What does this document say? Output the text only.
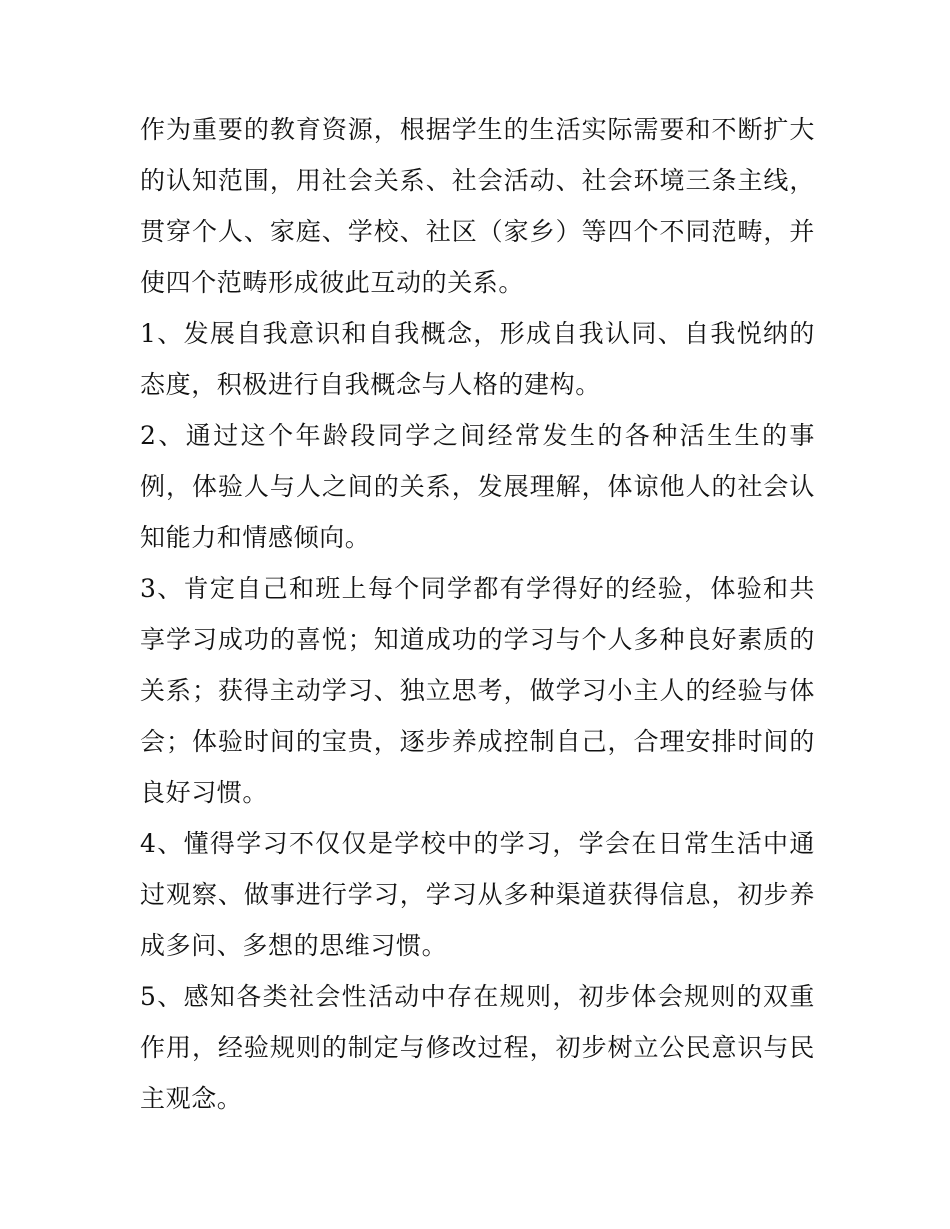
作为重要的教育资源，根据学生的生活实际需要和不断扩大的认知范围，用社会关系、社会活动、社会环境三条主线，贯穿个人、家庭、学校、社区（家乡）等四个不同范畴，并使四个范畴形成彼此互动的关系。

1、发展自我意识和自我概念，形成自我认同、自我悦纳的态度，积极进行自我概念与人格的建构。

2、通过这个年龄段同学之间经常发生的各种活生生的事例，体验人与人之间的关系，发展理解，体谅他人的社会认知能力和情感倾向。

3、肯定自己和班上每个同学都有学得好的经验，体验和共享学习成功的喜悦；知道成功的学习与个人多种良好素质的关系；获得主动学习、独立思考，做学习小主人的经验与体会；体验时间的宝贵，逐步养成控制自己，合理安排时间的良好习惯。

4、懂得学习不仅仅是学校中的学习，学会在日常生活中通过观察、做事进行学习，学习从多种渠道获得信息，初步养成多问、多想的思维习惯。

5、感知各类社会性活动中存在规则，初步体会规则的双重作用，经验规则的制定与修改过程，初步树立公民意识与民主观念。
